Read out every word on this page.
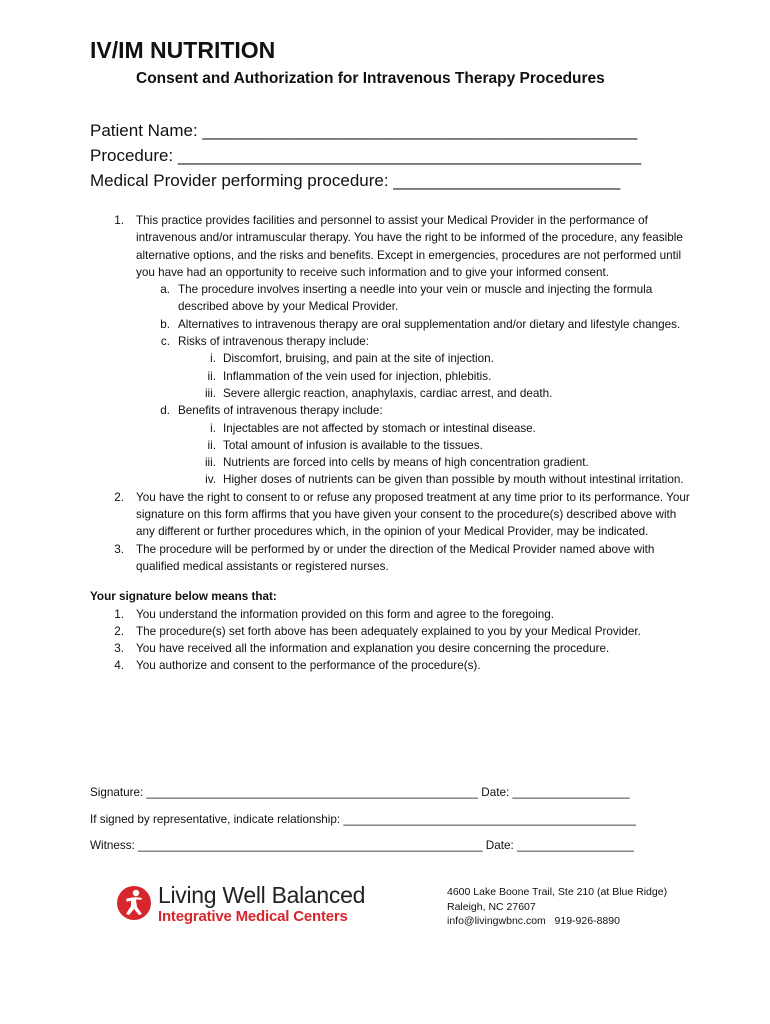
IV/IM NUTRITION
Consent and Authorization for Intravenous Therapy Procedures
Patient Name: ______________________________________________
Procedure: _________________________________________________
Medical Provider performing procedure: ________________________
1. This practice provides facilities and personnel to assist your Medical Provider in the performance of intravenous and/or intramuscular therapy. You have the right to be informed of the procedure, any feasible alternative options, and the risks and benefits. Except in emergencies, procedures are not performed until you have had an opportunity to receive such information and to give your informed consent.
a. The procedure involves inserting a needle into your vein or muscle and injecting the formula described above by your Medical Provider.
b. Alternatives to intravenous therapy are oral supplementation and/or dietary and lifestyle changes.
c. Risks of intravenous therapy include:
i. Discomfort, bruising, and pain at the site of injection.
ii. Inflammation of the vein used for injection, phlebitis.
iii. Severe allergic reaction, anaphylaxis, cardiac arrest, and death.
d. Benefits of intravenous therapy include:
i. Injectables are not affected by stomach or intestinal disease.
ii. Total amount of infusion is available to the tissues.
iii. Nutrients are forced into cells by means of high concentration gradient.
iv. Higher doses of nutrients can be given than possible by mouth without intestinal irritation.
2. You have the right to consent to or refuse any proposed treatment at any time prior to its performance. Your signature on this form affirms that you have given your consent to the procedure(s) described above with any different or further procedures which, in the opinion of your Medical Provider, may be indicated.
3. The procedure will be performed by or under the direction of the Medical Provider named above with qualified medical assistants or registered nurses.
Your signature below means that:
1. You understand the information provided on this form and agree to the foregoing.
2. The procedure(s) set forth above has been adequately explained to you by your Medical Provider.
3. You have received all the information and explanation you desire concerning the procedure.
4. You authorize and consent to the performance of the procedure(s).
Signature: ___________________________________________________ Date: __________________
If signed by representative, indicate relationship: _____________________________________________
Witness: _____________________________________________________ Date: __________________
Living Well Balanced
Integrative Medical Centers
4600 Lake Boone Trail, Ste 210 (at Blue Ridge)
Raleigh, NC 27607
info@livingwbnc.com   919-926-8890
